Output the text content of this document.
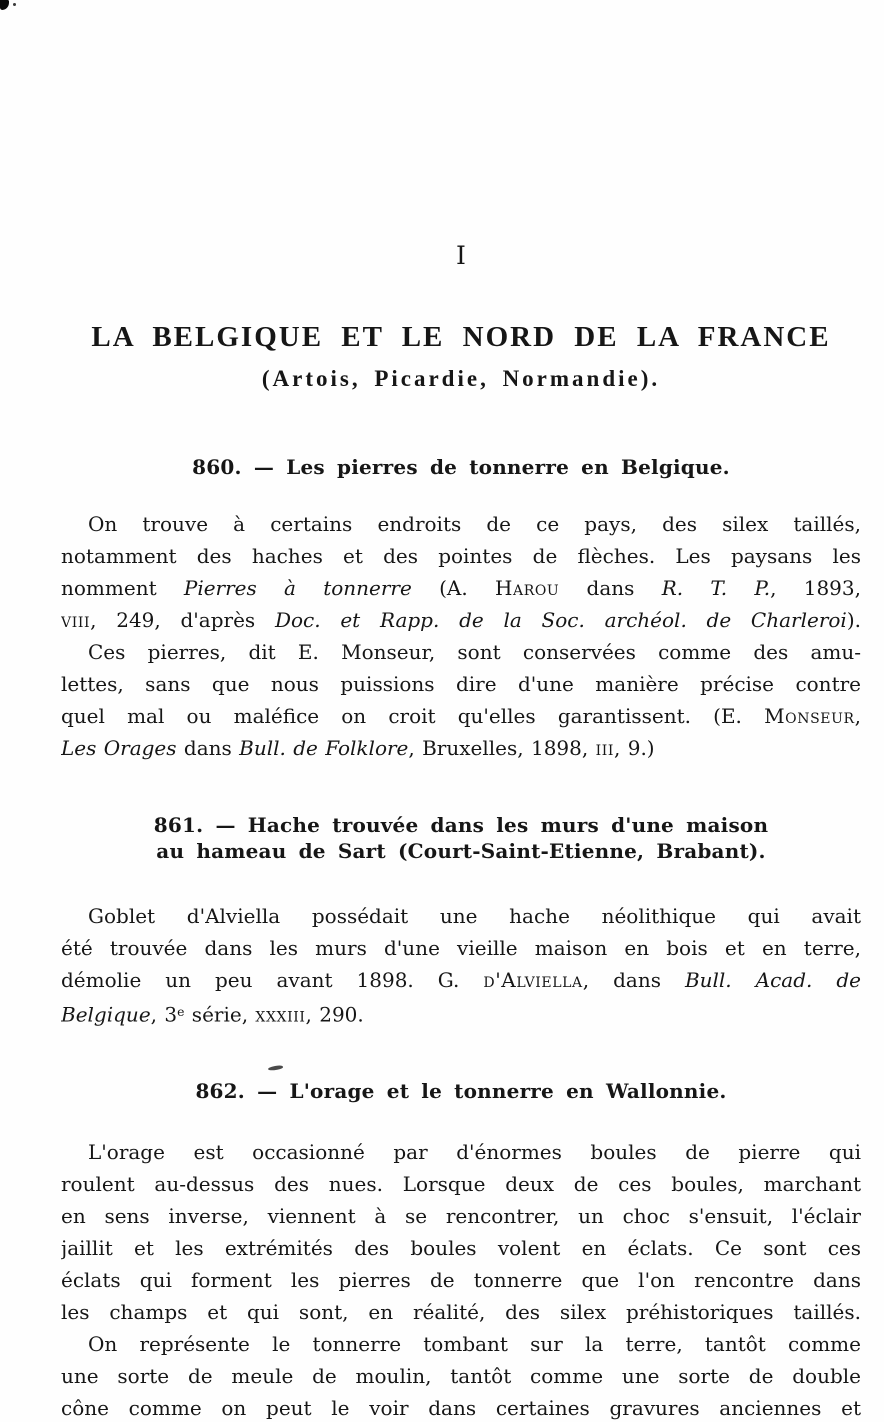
I
LA BELGIQUE ET LE NORD DE LA FRANCE
(Artois, Picardie, Normandie).
860. — Les pierres de tonnerre en Belgique.

On trouve à certains endroits de ce pays, des silex taillés,
notamment des haches et des pointes de flèches. Les paysans les
nomment Pierres à tonnerre (A. Harou dans R. T. P., 1893,
viii, 249, d'après Doc. et Rapp. de la Soc. archéol. de Charleroi).

Ces pierres, dit E. Monseur, sont conservées comme des amu-
lettes, sans que nous puissions dire d'une manière précise contre
quel mal ou maléfice on croit qu'elles garantissent. (E. Monseur,
Les Orages dans Bull. de Folklore, Bruxelles, 1898, iii, 9.)

861. — Hache trouvée dans les murs d'une maison
au hameau de Sart (Court-Saint-Etienne, Brabant).

Goblet d'Alviella possédait une hache néolithique qui avait
été trouvée dans les murs d'une vieille maison en bois et en terre,
démolie un peu avant 1898. G. d'Alviella, dans Bull. Acad. de
Belgique, 3e série, xxxiii, 290.

862. — L'orage et le tonnerre en Wallonnie.

L'orage est occasionné par d'énormes boules de pierre qui
roulent au-dessus des nues. Lorsque deux de ces boules, marchant
en sens inverse, viennent à se rencontrer, un choc s'ensuit, l'éclair
jaillit et les extrémités des boules volent en éclats. Ce sont ces
éclats qui forment les pierres de tonnerre que l'on rencontre dans
les champs et qui sont, en réalité, des silex préhistoriques taillés.

On représente le tonnerre tombant sur la terre, tantôt comme
une sorte de meule de moulin, tantôt comme une sorte de double
cône comme on peut le voir dans certaines gravures anciennes et
